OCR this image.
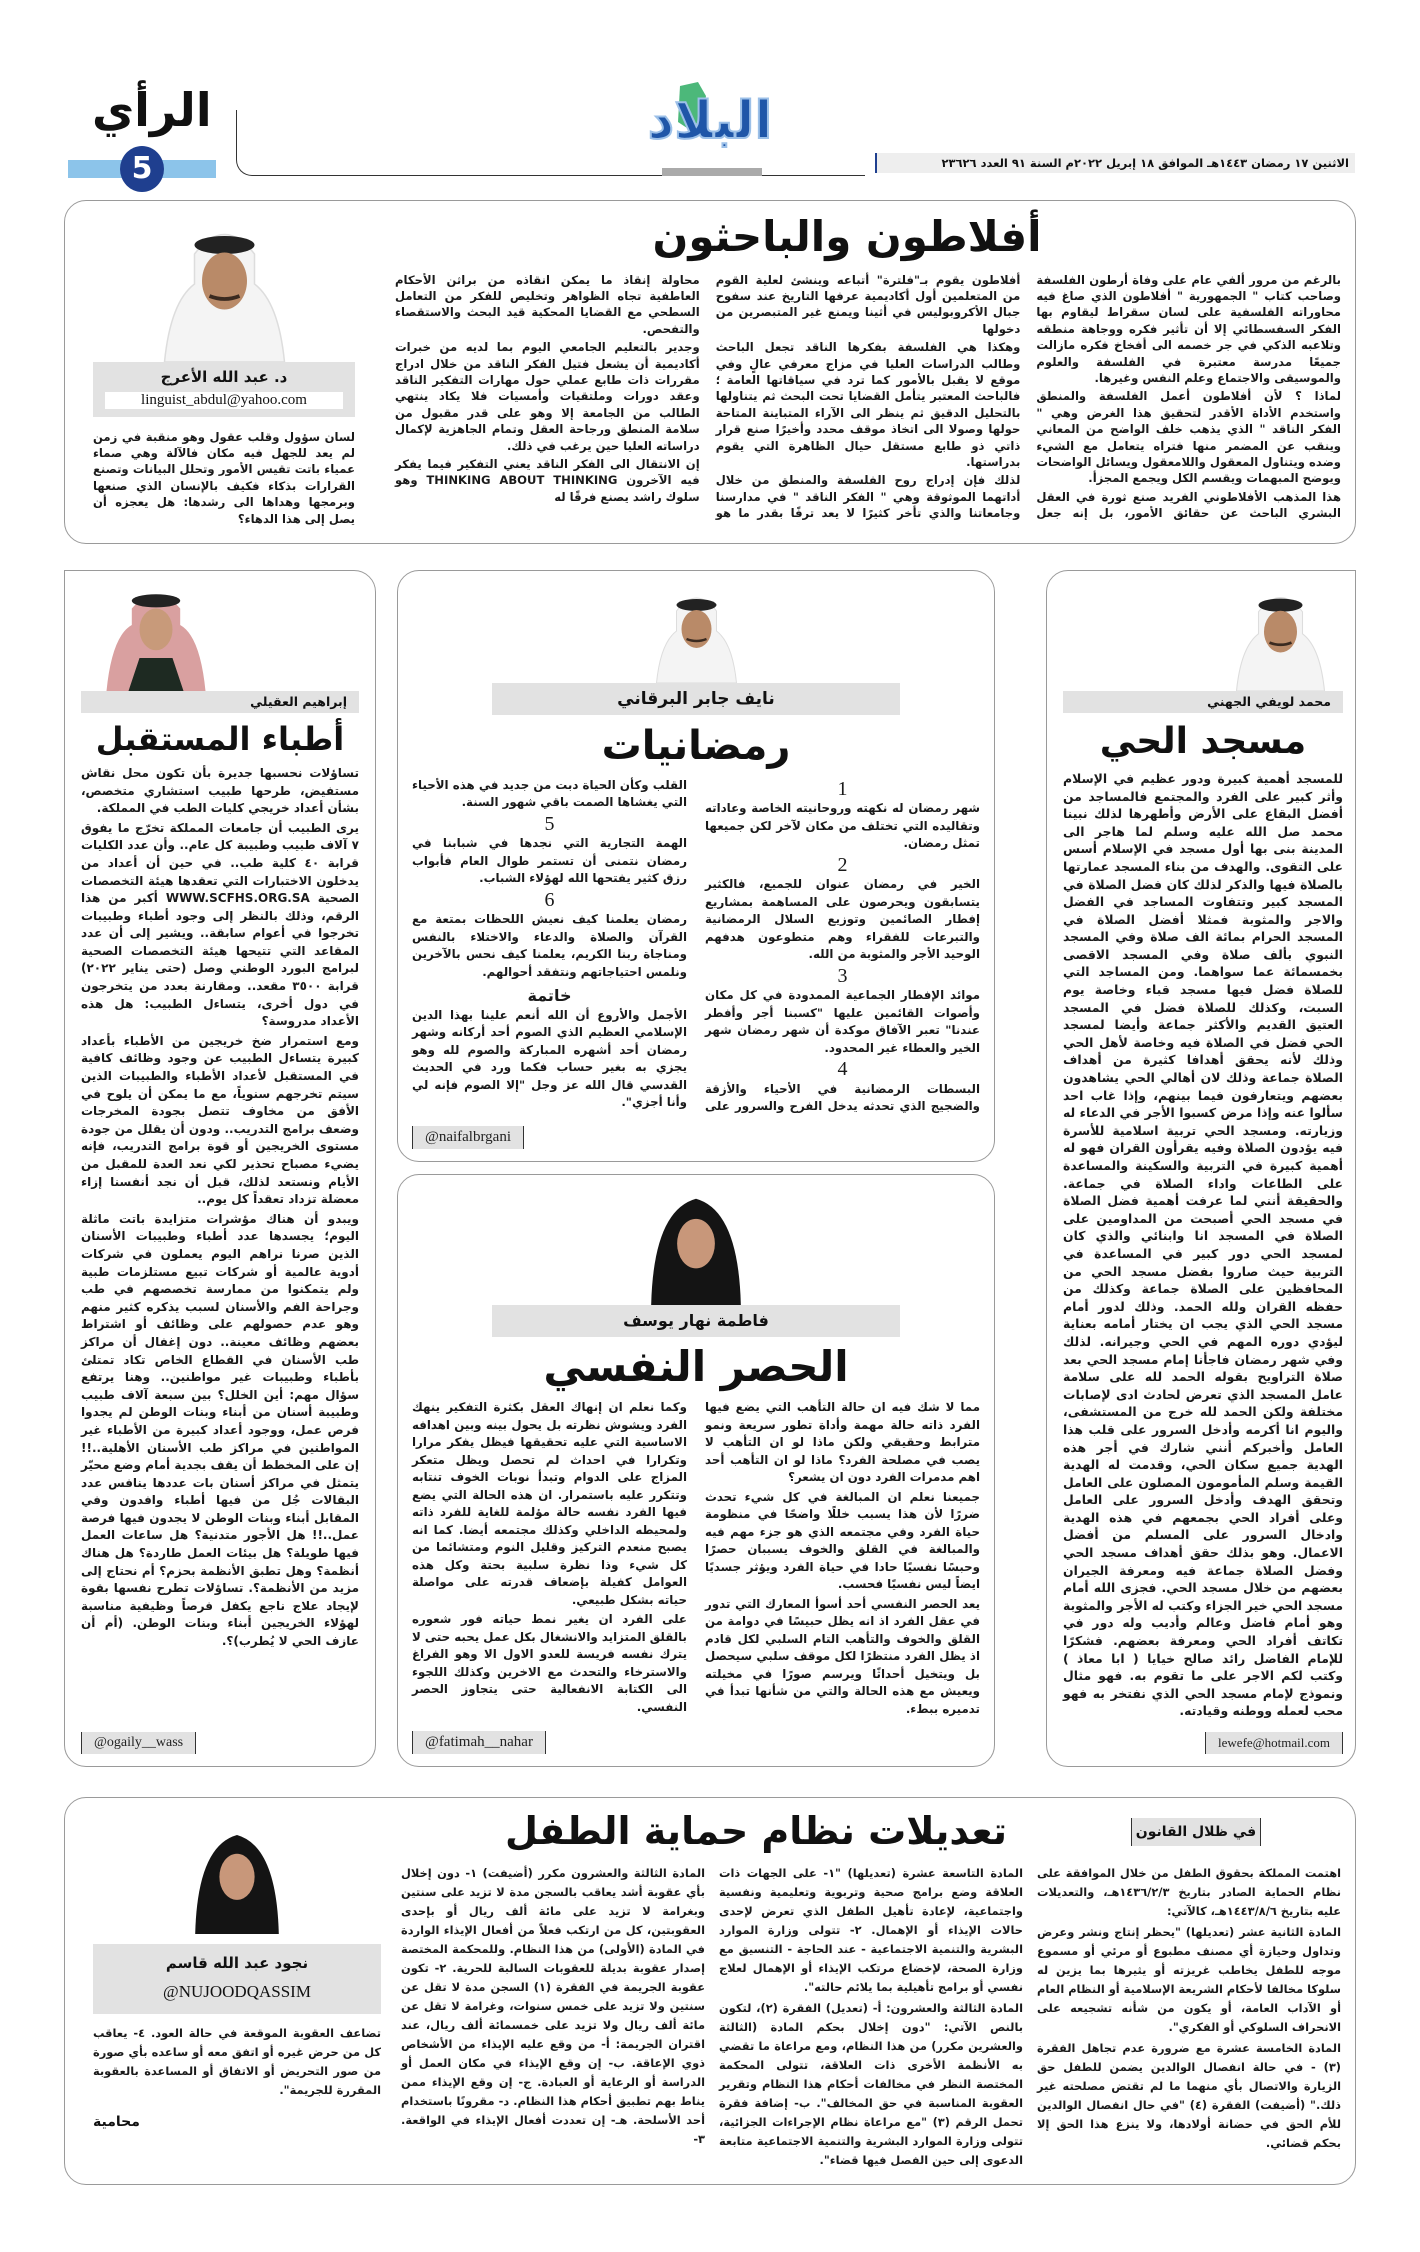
الرأي
5
البلاد
الاثنين ١٧ رمضان ١٤٤٣هـ الموافق ١٨ إبريل ٢٠٢٢م السنة ٩١ العدد ٢٣٦٢٦
أفلاطون والباحثون
د. عبد الله الأعرج
linguist_abdul@yahoo.com

لسان سؤول وقلب عقول وهو منقبة في زمن لم يعد للجهل فيه مكان فالآلة وهي صماء عمياء باتت تقيس الأمور وتحلل البيانات وتصنع القرارات بذكاء فكيف بالإنسان الذي صنعها وبرمجها وهداها الى رشدها: هل يعجزه أن يصل إلى هذا الدهاء؟

بالرغم من مرور ألفي عام على وفاة أرطون الفلسفة وصاحب كتاب " الجمهورية " أفلاطون الذي صاغ فيه محاوراته الفلسفية على لسان سقراط ليقاوم بها الفكر السفسطائي إلا أن تأثير فكره ووجاهة منطقه وتلاعبه الذكي في جر خصمه الى أفخاخ فكره مازالت جميعًا مدرسة معتبرة في الفلسفة والعلوم والموسيقى والاجتماع وعلم النفس وغيرها.

لماذا ؟ لأن أفلاطون أعمل الفلسفة والمنطق واستخدم الأداة الأقدر لتحقيق هذا الغرض وهي " الفكر الناقد " الذي يذهب خلف الواضح من المعاني وينقب عن المضمر منها فتراه يتعامل مع الشيء وضده ويتناول المعقول واللامعقول ويسائل الواضحات ويوضح المبهمات ويقسم الكل ويجمع المجزأ.

هذا المذهب الأفلاطوني الفريد صنع ثورة في العقل البشري الباحث عن حقائق الأمور، بل إنه جعل أفلاطون يقوم بـ"فلترة" أتباعه وينشئ لعلية القوم من المتعلمين أول أكاديمية عرفها التاريخ عند سفوح جبال الأكروبوليس في أثينا ويمنع غير المتبصرين من دخولها

وهكذا هي الفلسفة بفكرها الناقد تجعل الباحث وطالب الدراسات العليا في مزاج معرفي عالٍ وفي موقع لا يقبل بالأمور كما ترد في سياقاتها العامة ؛ فالباحث المعتبر يتأمل القضايا تحت البحث ثم يتناولها بالتحليل الدقيق ثم ينظر الى الآراء المتباينة المتاحة حولها وصولا الى اتخاذ موقف محدد وأخيرًا صنع قرار ذاتي ذو طابع مستقل حيال الظاهرة التي يقوم بدراستها.

لذلك فإن إدراج روح الفلسفة والمنطق من خلال أداتهما الموثوقة وهي " الفكر الناقد " في مدارسنا وجامعاتنا والذي تأخر كثيرًا لا يعد ترفًا بقدر ما هو محاولة إنقاذ ما يمكن انقاذه من براثن الأحكام العاطفية تجاه الظواهر وتخليص للفكر من التعامل السطحي مع القضايا المحكية قيد البحث والاستقصاء والتفحص.

وجدير بالتعليم الجامعي اليوم بما لديه من خبرات أكاديمية أن يشعل فتيل الفكر الناقد من خلال ادراج مقررات ذات طابع عملي حول مهارات التفكير الناقد وعقد دورات وملتقيات وأمسيات فلا يكاد ينتهي الطالب من الجامعة إلا وهو على قدر مقبول من سلامة المنطق ورجاحة العقل وتمام الجاهزية لإكمال دراساته العليا حين يرغب في ذلك.

إن الانتقال الى الفكر الناقد يعني التفكير فيما يفكر فيه الآخرون THINKING ABOUT THINKING وهو سلوك راشد يصنع فرقًا له

إبراهيم العقيلي
أطباء المستقبل

تساؤلات نحسبها جديرة بأن تكون محل نقاش مستفيض، طرحها طبيب استشاري متخصص، بشأن أعداد خريجي كليات الطب في المملكة.

يرى الطبيب أن جامعات المملكة تخرّج ما يفوق ٧ آلاف طبيب وطبيبة كل عام.. وأن عدد الكليات قرابة ٤٠ كلية طب.. في حين أن أعداد من يدخلون الاختبارات التي تعقدها هيئة التخصصات الصحية WWW.SCFHS.ORG.SA أكبر من هذا الرقم، وذلك بالنظر إلى وجود أطباء وطبيبات تخرجوا في أعوام سابقة.. ويشير إلى أن عدد المقاعد التي تتيحها هيئة التخصصات الصحية لبرامج البورد الوطني وصل (حتى يناير ٢٠٢٢) قرابة ٣٥٠٠ مقعد.. ومقارنة بعدد من يتخرجون في دول أخرى، يتساءل الطبيب: هل هذه الأعداد مدروسة؟

ومع استمرار ضخ خريجين من الأطباء بأعداد كبيرة يتساءل الطبيب عن وجود وظائف كافية في المستقبل لأعداد الأطباء والطبيبات الذين سيتم تخرجهم سنوياً، مع ما يمكن أن يلوح في الأفق من مخاوف تتصل بجودة المخرجات وضعف برامج التدريب.. ودون أن يقلل من جودة مستوى الخريجين أو قوة برامج التدريب، فإنه يضيء مصباح تحذير لكي نعد العدة للمقبل من الأيام ونستعد لذلك، قبل أن نجد أنفسنا إزاء معضلة تزداد تعقداً كل يوم..

ويبدو أن هناك مؤشرات متزايدة باتت ماثلة اليوم؛ يجسدها عدد أطباء وطبيبات الأسنان الذين صرنا نراهم اليوم يعملون في شركات أدوية عالمية أو شركات تبيع مستلزمات طبية ولم يتمكنوا من ممارسة تخصصهم في طب وجراحة الفم والأسنان لسبب يذكره كثير منهم وهو عدم حصولهم على وظائف أو اشتراط بعضهم وظائف معينة.. دون إغفال أن مراكز طب الأسنان في القطاع الخاص تكاد تمتلئ بأطباء وطبيبات غير مواطنين.. وهنا يرتفع سؤال مهم: أين الخلل؟ بين سبعة آلاف طبيب وطبيبة أسنان من أبناء وبنات الوطن لم يجدوا فرص عمل، ووجود أعداد كبيرة من الأطباء غير المواطنين في مراكز طب الأسنان الأهلية..!! إن على المخطط أن يقف بجدية أمام وضع محيّر يتمثل في مراكز أسنان بات عددها ينافس عدد البقالات جُل من فيها أطباء وافدون وفي المقابل أبناء وبنات الوطن لا يجدون فيها فرصة عمل..!! هل الأجور متدنية؟ هل ساعات العمل فيها طويلة؟ هل بيئات العمل طاردة؟ هل هناك أنظمة؟ وهل تطبق الأنظمة بحزم؟ أم نحتاج إلى مزيد من الأنظمة؟. تساؤلات تطرح نفسها بقوة لإيجاد علاج ناجع يكفل فرصاً وظيفية مناسبة لهؤلاء الخريجين أبناء وبنات الوطن. (أم أن عازف الحي لا يُطرب)؟.

@ogaily__wass
نايف جابر البرقاني
رمضانيات
1

شهر رمضان له نكهته وروحانيته الخاصة وعاداته وتقاليده التي تختلف من مكان لآخر لكن جميعها تمثل رمضان.

2

الخير في رمضان عنوان للجميع، فالكثير يتسابقون ويحرصون على المساهمة بمشاريع إفطار الصائمين وتوزيع السلال الرمضانية والتبرعات للفقراء وهم متطوعون هدفهم الوحيد الأجر والمثوبة من الله.

3

موائد الإفطار الجماعية الممدودة في كل مكان وأصوات القائمين عليها "كسبنا أجر وأفطر عندنا" تعبر الآفاق موكدة أن شهر رمضان شهر الخير والعطاء غير المحدود.

4

البسطات الرمضانية في الأحياء والأزقة والضجيج الذي تحدثه يدخل الفرح والسرور على القلب وكأن الحياة دبت من جديد في هذه الأحياء التي يغشاها الصمت باقي شهور السنة.

5

الهمة التجارية التي نجدها في شبابنا في رمضان نتمنى أن تستمر طوال العام فأبواب رزق كثير يفتحها الله لهؤلاء الشباب.

6

رمضان يعلمنا كيف نعيش اللحظات بمتعة مع القرآن والصلاة والدعاء والاختلاء بالنفس ومناجاة ربنا الكريم، يعلمنا كيف نحس بالآخرين ونلمس احتياجاتهم ونتفقد أحوالهم.

خاتمة

الأجمل والأروع أن الله أنعم علينا بهذا الدين الإسلامي العظيم الذي الصوم أحد أركانه وشهر رمضان أحد أشهره المباركة والصوم لله وهو يجزي به بغير حساب فكما ورد في الحديث القدسي قال الله عز وجل "إلا الصوم فإنه لي وأنا أجزي".

@naifalbrgani
فاطمة نهار يوسف
الحصر النفسي

مما لا شك فيه ان حالة التأهب التي يضع فيها الفرد ذاته حالة مهمة وأداة تطور سريعة ونمو مترابط وحقيقي ولكن ماذا لو ان التأهب لا يصب في مصلحة الفرد؟ ماذا لو ان التأهب أحد اهم مدمرات الفرد دون ان يشعر؟

جميعنا نعلم ان المبالغة في كل شيء تحدث ضررًا لأن هذا يسبب خللًا واضحًا في منظومة حياة الفرد وفي مجتمعه الذي هو جزء مهم فيه والمبالغة في القلق والخوف يسببان حصرًا وحبسًا نفسيًا حادا في حياة الفرد ويؤثر جسديًا ايضاً ليس نفسيًا فحسب.

يعد الحصر النفسي أحد أسوأ المعارك التي تدور في عقل الفرد اذ انه يظل حبيسًا في دوامة من القلق والخوف والتأهب التام السلبي لكل قادم اذ يظل الفرد منتظرًا لكل موقف سلبي سيحصل بل ويتخيل أحداثًا ويرسم صورًا في مخيلته ويعيش مع هذه الحالة والتي من شأنها تبدأ في تدميره ببطء.

وكما نعلم ان إنهاك العقل بكثرة التفكير ينهك الفرد ويشوش نظرته بل يحول بينه وبين اهدافه الاساسية التي عليه تحقيقها فيظل يفكر مرارا وتكرارا في احداث لم تحصل ويظل متعكر المزاج على الدوام وتبدأ نوبات الخوف تنتابه وتتكرر عليه باستمرار. ان هذه الحالة التي يضع فيها الفرد نفسه حالة مؤلمة للغاية للفرد ذاته ولمحيطه الداخلي وكذلك مجتمعه أيضا. كما انه يصبح منعدم التركيز وقليل النوم ومتشائما من كل شيء وذا نظرة سلبية بحتة وكل هذه العوامل كفيلة بإضعاف قدرته على مواصلة حياته بشكل طبيعي.

على الفرد ان يغير نمط حياته فور شعوره بالقلق المتزايد والانشغال بكل عمل يحبه حتى لا يترك نفسه فريسة للعدو الاول الا وهو الفراغ والاسترخاء والتحدث مع الاخرين وكذلك اللجوء الى الكتابة الانفعالية حتى يتجاوز الحصر النفسي.

@fatimah__nahar
محمد لويفي الجهني
مسجد الحي

للمسجد أهمية كبيرة ودور عظيم في الإسلام وأثر كبير على الفرد والمجتمع فالمساجد من أفضل البقاع على الأرض وأطهرها لذلك نبينا محمد صل الله عليه وسلم لما هاجر الى المدينة بنى بها أول مسجد في الإسلام أسس على التقوى. والهدف من بناء المسجد عمارتها بالصلاة فيها والذكر لذلك كان فضل الصلاة في المسجد كبير وتتفاوت المساجد في الفضل والاجر والمثوبة فمثلا أفضل الصلاة في المسجد الحرام بمائة الف صلاة وفي المسجد النبوي بألف صلاة وفي المسجد الاقصى بخمسمائة عما سواهما. ومن المساجد التي للصلاة فضل فيها مسجد قباء وخاصة يوم السبت، وكذلك للصلاة فضل في المسجد العتيق القديم والأكثر جماعة وأيضا لمسجد الحي فضل في الصلاة فيه وخاصة لأهل الحي وذلك لأنه يحقق أهدافا كثيرة من أهداف الصلاة جماعة وذلك لان أهالي الحي يشاهدون بعضهم ويتعارفون فيما بينهم، وإذا غاب احد سألوا عنه وإذا مرض كسبوا الأجر في الدعاء له وزيارته. ومسجد الحي تربية اسلامية للأسرة فيه يؤدون الصلاة وفيه يقرأون القران فهو له أهمية كبيرة في التربية والسكينة والمساعدة على الطاعات واداء الصلاة في جماعة. والحقيقة أنني لما عرفت أهمية فضل الصلاة في مسجد الحي أصبحت من المداومين على الصلاة في المسجد انا وابنائي والذي كان لمسجد الحي دور كبير في المساعدة في التربية حيث صاروا بفضل مسجد الحي من المحافظين على الصلاة جماعة وكذلك من حفظه القران ولله الحمد. وذلك لدور أمام مسجد الحي الذي يجب ان يختار أمامه بعناية ليؤدي دوره المهم في الحي وجيرانه. لذلك وفي شهر رمضان فاجأنا إمام مسجد الحي بعد صلاة التراويح بقوله الحمد لله على سلامة عامل المسجد الذي تعرض لحادث ادى لإصابات مختلفة ولكن الحمد لله خرج من المستشفى، واليوم انا أكرمه وأدخل السرور على قلب هذا العامل وأخبركم أنني شارك في أجر هذه الهدية جميع سكان الحي، وقدمت له الهدية القيمة وسلم المأمومون المصلون على العامل وتحقق الهدف وأدخل السرور على العامل وعلى أفراد الحي بجمعهم في هذه الهدية وادخال السرور على المسلم من أفضل الاعمال. وهو بذلك حقق أهداف مسجد الحي وفضل الصلاة جماعة فيه ومعرفة الجيران بعضهم من خلال مسجد الحي. فجزى الله أمام مسجد الحي خير الجزاء وكتب له الأجر والمثوبة وهو أمام فاضل وعالم وأديب وله دور في تكاتف أفراد الحي ومعرفة بعضهم. فشكرًا للإمام الفاضل رائد صالح خيايا ( ابا معاذ ) وكتب لكم الاجر على ما تقوم به. فهو مثال ونموذج لإمام مسجد الحي الذي نفتخر به فهو محب لعمله ووطنه وقيادته.

lewefe@hotmail.com
تعديلات نظام حماية الطفل	في ظلال القانون
نجود عبد الله قاسم
@NUJOODQASSIM

تضاعف العقوبة الموقعة في حالة العود. ٤- يعاقب كل من حرض غيره أو اتفق معه أو ساعده بأي صورة من صور التحريض أو الاتفاق أو المساعدة بالعقوبة المقررة للجريمة".

محامية

اهتمت المملكة بحقوق الطفل من خلال الموافقة على نظام الحماية الصادر بتاريخ ١٤٣٦/٢/٣هـ، والتعديلات عليه بتاريخ ١٤٤٣/٨/٦هـ، كالآتي:

المادة الثانية عشر (تعديلها) "يحظر إنتاج ونشر وعرض وتداول وحيازة أي مصنف مطبوع أو مرئي أو مسموع موجه للطفل يخاطب غريزته أو يثيرها بما يزين له سلوكا مخالفا لأحكام الشريعة الإسلامية أو النظام العام أو الآداب العامة، أو يكون من شأنه تشجيعه على الانحراف السلوكي أو الفكري".

المادة الخامسة عشرة مع ضرورة عدم تجاهل الفقرة (٣) - في حالة انفصال الوالدين يضمن للطفل حق الزيارة والاتصال بأي منهما ما لم تقتض مصلحته غير ذلك." (أضيفت) الفقرة (٤) "في حال انفصال الوالدين للأم الحق في حضانة أولادها، ولا ينزع هذا الحق إلا بحكم قضائي.

المادة التاسعة عشرة (تعديلها) "١- على الجهات ذات العلاقة وضع برامج صحية وتربوية وتعليمية ونفسية واجتماعية، لإعادة تأهيل الطفل الذي تعرض لإحدى حالات الإيذاء أو الإهمال. ٢- تتولى وزارة الموارد البشرية والتنمية الاجتماعية - عند الحاجة - التنسيق مع وزارة الصحة، لإخضاع مرتكب الإيذاء أو الإهمال لعلاج نفسي أو برامج تأهيلية بما يلائم حالته".

المادة الثالثة والعشرون: أ- (تعديل) الفقرة (٢)، لتكون بالنص الآتي: "دون إخلال بحكم المادة (الثالثة والعشرين مكرر) من هذا النظام، ومع مراعاة ما تقضي به الأنظمة الأخرى ذات العلاقة، تتولى المحكمة المختصة النظر في مخالفات أحكام هذا النظام وتقرير العقوبة المناسبة في حق المخالف". ب- إضافة فقرة تحمل الرقم (٣) "مع مراعاة نظام الإجراءات الجزائية، تتولى وزارة الموارد البشرية والتنمية الاجتماعية متابعة الدعوى إلى حين الفصل فيها قضاء".

المادة الثالثة والعشرون مكرر (أضيفت) ١- دون إخلال بأي عقوبة أشد يعاقب بالسجن مدة لا تزيد على سنتين وبغرامة لا تزيد على مائة ألف ريال أو بإحدى العقوبتين، كل من ارتكب فعلاً من أفعال الإيذاء الواردة في المادة (الأولى) من هذا النظام. وللمحكمة المختصة إصدار عقوبة بديلة للعقوبات السالبة للحرية. ٢- تكون عقوبة الجريمة في الفقرة (١) السجن مدة لا تقل عن سنتين ولا تزيد على خمس سنوات، وغرامة لا تقل عن مائة ألف ريال ولا تزيد على خمسمائة ألف ريال، عند اقتران الجريمة: أ- من وقع عليه الإيذاء من الأشخاص ذوي الإعاقة. ب- إن وقع الإيذاء في مكان العمل أو الدراسة أو الرعاية أو العبادة. ج- إن وقع الإيذاء ممن يناط بهم تطبيق أحكام هذا النظام. د- مقرونًا باستخدام أحد الأسلحة. هـ- إن تعددت أفعال الإيذاء في الواقعة. ٣-
